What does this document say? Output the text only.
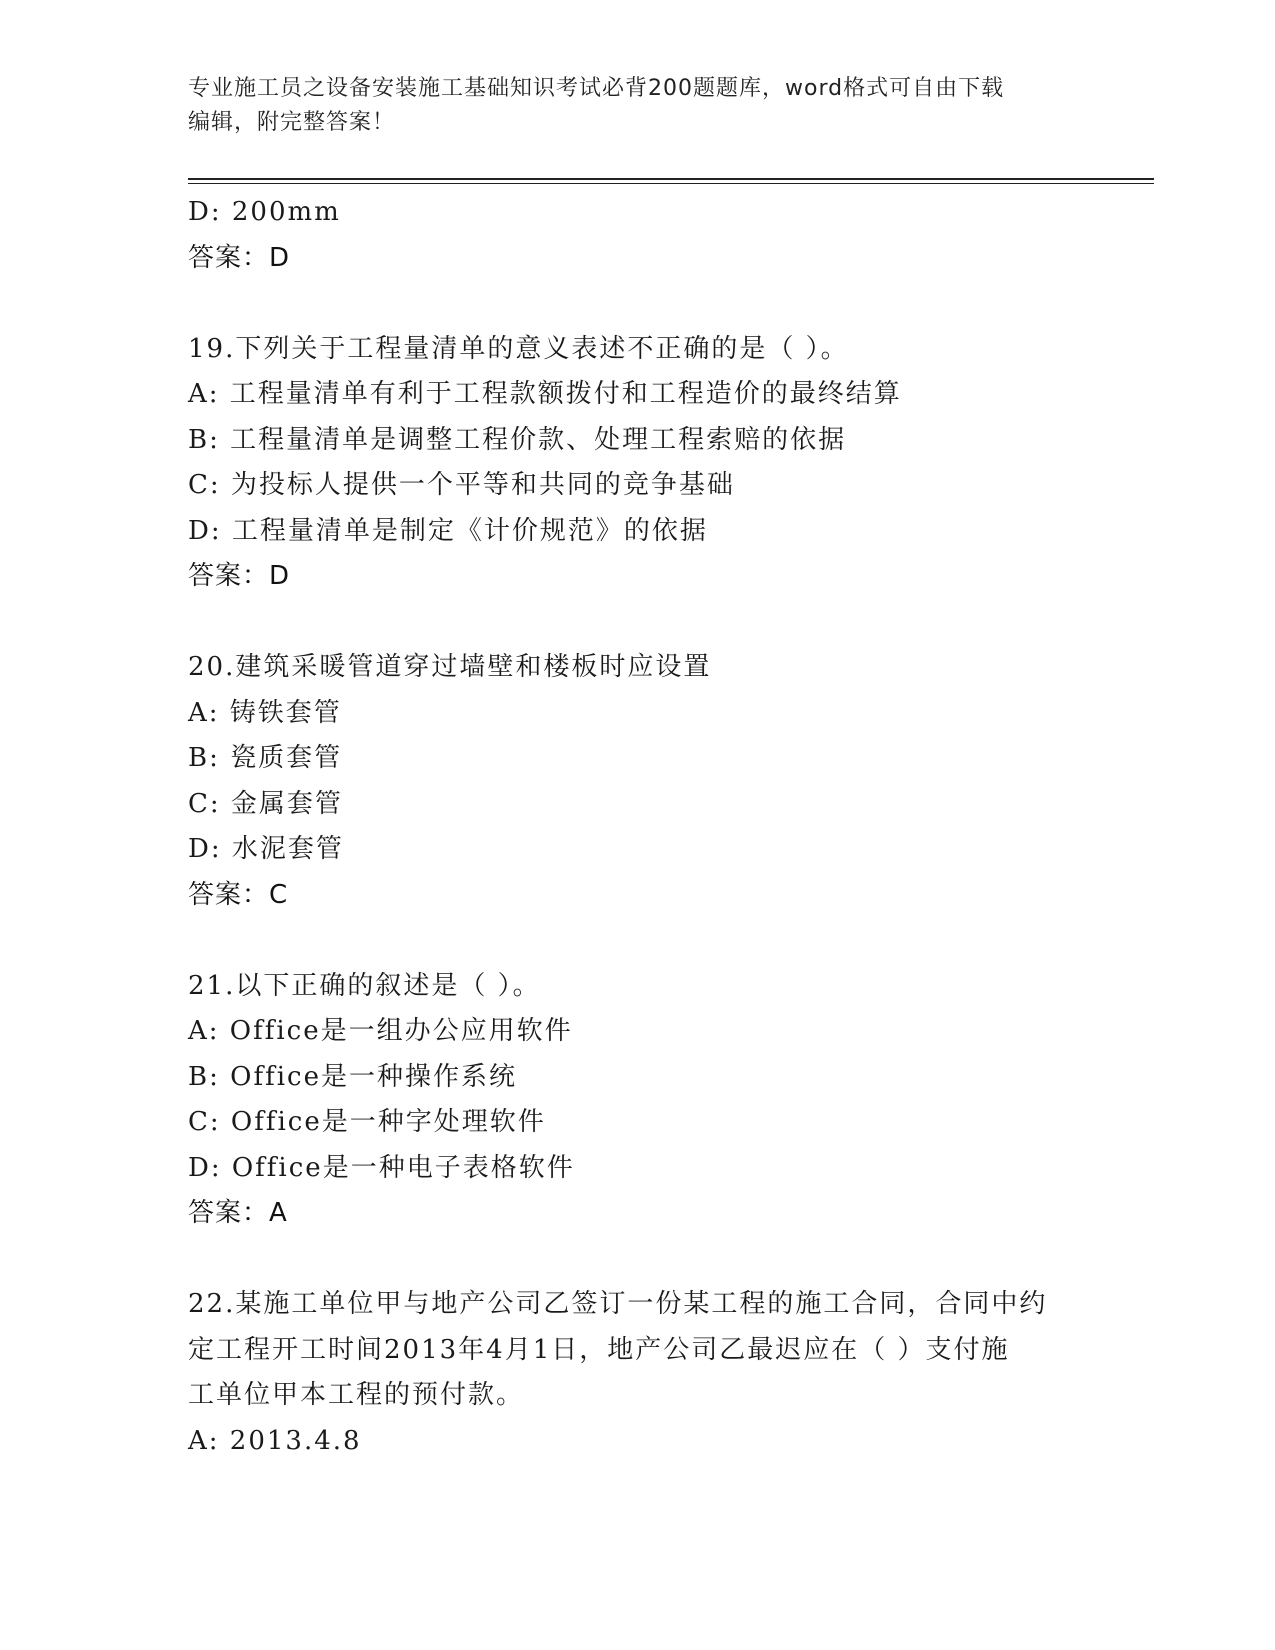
专业施工员之设备安装施工基础知识考试必背200题题库，word格式可自由下载
编辑，附完整答案！
D: 200mm
答案：D
19.下列关于工程量清单的意义表述不正确的是（ ）。
A: 工程量清单有利于工程款额拨付和工程造价的最终结算
B: 工程量清单是调整工程价款、处理工程索赔的依据
C: 为投标人提供一个平等和共同的竞争基础
D: 工程量清单是制定《计价规范》的依据
答案：D
20.建筑采暖管道穿过墙壁和楼板时应设置
A: 铸铁套管
B: 瓷质套管
C: 金属套管
D: 水泥套管
答案：C
21.以下正确的叙述是（ ）。
A: Office是一组办公应用软件
B: Office是一种操作系统
C: Office是一种字处理软件
D: Office是一种电子表格软件
答案：A
22.某施工单位甲与地产公司乙签订一份某工程的施工合同，合同中约
定工程开工时间2013年4月1日，地产公司乙最迟应在（ ）支付施
工单位甲本工程的预付款。
A: 2013.4.8
